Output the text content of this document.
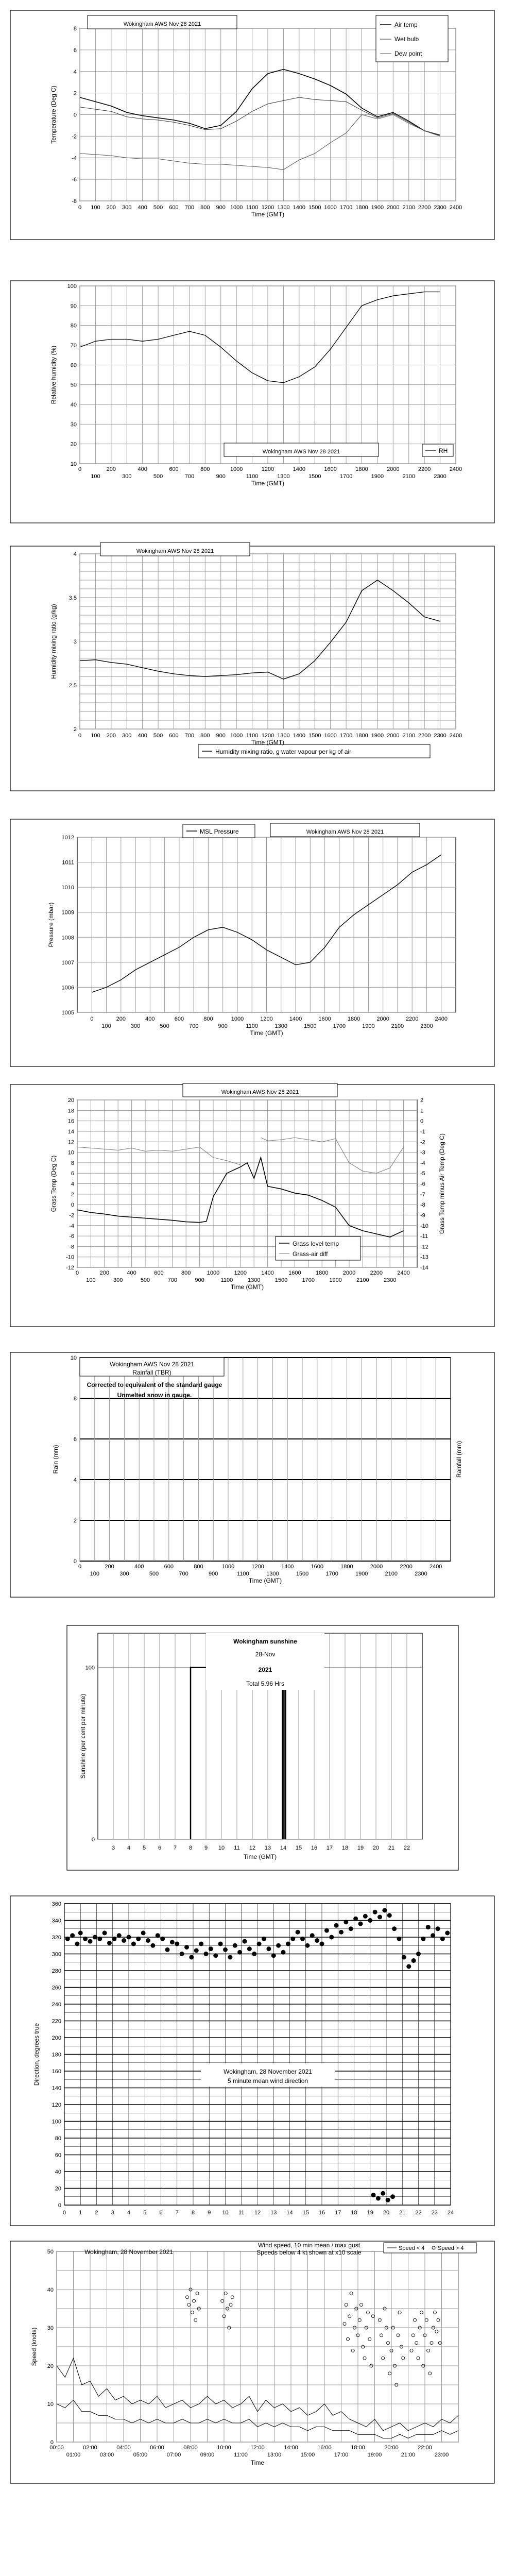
-8
-6
-4
-2
0
2
4
6
8
0 100 200 300 400 500 600 700 800 900 1000 1100 1200 1300 1400 1500 1600 1700 1800 1900 2000 2100 2200 2300 2400
Wokingham AWS Nov 28 2021	Air temp
Wet bulb
Dew point
Temperature (Deg C)
Time (GMT)
10
20
30
40
50
60
70
80
90
100
0	200	400	600	800	1000	1200	1400	1600	1800	2000	2200	2400
100	300	500	700	900	1100	1300	1500	1700	1900	2100	2300
Wokingham AWS Nov 28 2021	RH
Relative humidity (%)
Time (GMT)
2
2.5
3
3.5
4
0 100 200 300 400 500 600 700 800 900 1000 1100 1200 1300 1400 1500 1600 1700 1800 1900 2000 2100 2200 2300 2400
Wokingham AWS Nov 28 2021
Humidity mixing ratio, g water vapour per kg of air
Humidity mixing ratio (g/kg)
Time (GMT)
1005
1006
1007
1008
1009
1010
1011
1012
0
100
200
300
400
500
600
700
800
900
1000
1100
1200
1300
1400
1500
1600
1700
1800
1900
2000
2100
2200
2300
2400
MSL Pressure	Wokingham AWS Nov 28 2021
Pressure (mbar)
Time (GMT)
-12
-10
-8
-6
-4
-2
0
2
4
6
8
10
12
14
16
18
20
-14
-13
-12
-11
-10
-9
-8
-7
-6
-5
-4
-3
-2
-1
0
1
2
0	200	400	600	800	1000	1200	1400	1600	1800	2000	2200	2400
100	300	500	700	900	1100	1300	1500	1700	1900	2100	2300
Wokingham AWS Nov 28 2021
Grass level temp
Grass-air diff
Grass Temp (Deg C)	Grass Temp minus Air Temp (Deg C)
Time (GMT)
0
2
4
6
8
10
0	200	400	600	800	1000	1200	1400	1600	1800	2000	2200	2400
100	300	500	700	900	1100	1300	1500	1700	1900	2100	2300
Wokingham AWS Nov 28 2021
Rainfall (TBR)
Corrected to equivalent of the standard gauge
Unmelted snow in gauge.
Rain (mm)	Rainfall (mm)
Time (GMT)
3 4 5 6 7 8 9 10 11 12 13 14 15 16 17 18 19 20 21 22
0
100
Wokingham sunshine
28-Nov
2021
Total 5.96 Hrs
Sunshine (per cent per minute)
Time (GMT)
0
20
40
60
80
100
120
140
160
180
200
220
240
260
280
300
320
340
360
0 1 2 3 4 5 6 7 8 9 10 11 12 13 14 15 16 17 18 19 20 21 22 23 24
Wokingham, 28 November 2021
5 minute mean wind direction
Direction, degrees true
0
10
20
30
40
50
00:00	02:00	04:00	06:00	08:00	10:00	12:00	14:00	16:00	18:00	20:00	22:00
01:00	03:00	05:00	07:00	09:00	11:00	13:00	15:00	17:00	19:00	21:00	23:00
Wokingham, 28 November 2021
Wind speed, 10 min mean / max gust
Speeds below 4 kt shown at x10 scale
Speed < 4 Speed > 4
Speed (knots)
Time
